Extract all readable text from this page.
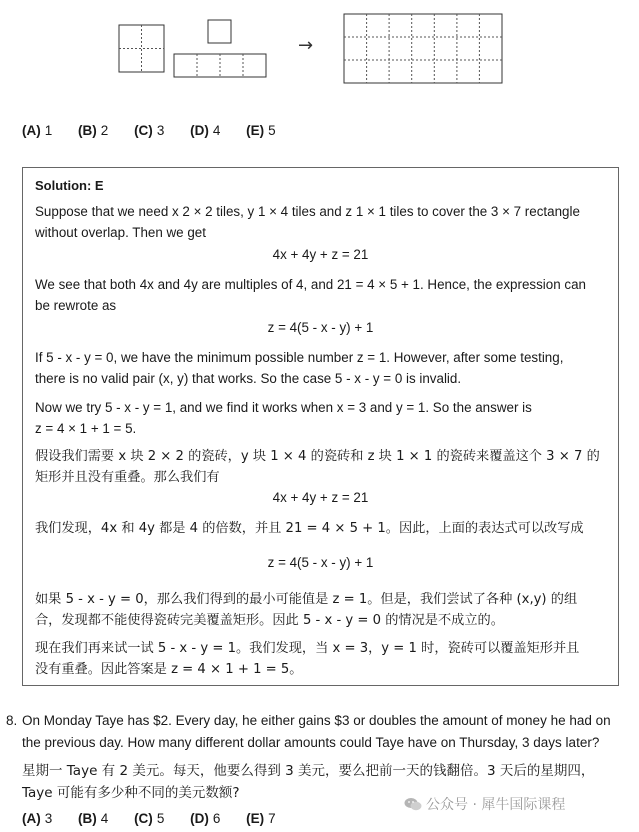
→
(A) 1 (B) 2 (C) 3 (D) 4 (E) 5
Solution: E
Suppose that we need x 2 × 2 tiles, y 1 × 4 tiles and z 1 × 1 tiles to cover the 3 × 7 rectangle
without overlap. Then we get
4x + 4y + z = 21
We see that both 4x and 4y are multiples of 4, and 21 = 4 × 5 + 1. Hence, the expression can
be rewrote as
z = 4(5 - x - y) + 1
If 5 - x - y = 0, we have the minimum possible number z = 1. However, after some testing,
there is no valid pair (x, y) that works. So the case 5 - x - y = 0 is invalid.
Now we try 5 - x - y = 1, and we find it works when x = 3 and y = 1. So the answer is
z = 4 × 1 + 1 = 5.
假设我们需要 x 块 2 × 2 的瓷砖，y 块 1 × 4 的瓷砖和 z 块 1 × 1 的瓷砖来覆盖这个 3 × 7 的
矩形并且没有重叠。那么我们有
4x + 4y + z = 21
我们发现，4x 和 4y 都是 4 的倍数，并且 21 = 4 × 5 + 1。因此，上面的表达式可以改写成
z = 4(5 - x - y) + 1
如果 5 - x - y = 0，那么我们得到的最小可能值是 z = 1。但是，我们尝试了各种 (x,y) 的组
合，发现都不能使得瓷砖完美覆盖矩形。因此 5 - x - y = 0 的情况是不成立的。
现在我们再来试一试 5 - x - y = 1。我们发现，当 x = 3，y = 1 时，瓷砖可以覆盖矩形并且
没有重叠。因此答案是 z = 4 × 1 + 1 = 5。
8. On Monday Taye has $2. Every day, he either gains $3 or doubles the amount of money he had on
the previous day. How many different dollar amounts could Taye have on Thursday, 3 days later?
星期一 Taye 有 2 美元。每天，他要么得到 3 美元，要么把前一天的钱翻倍。3 天后的星期四，
Taye 可能有多少种不同的美元数额?
(A) 3 (B) 4 (C) 5 (D) 6 (E) 7
公众号 · 犀牛国际课程
